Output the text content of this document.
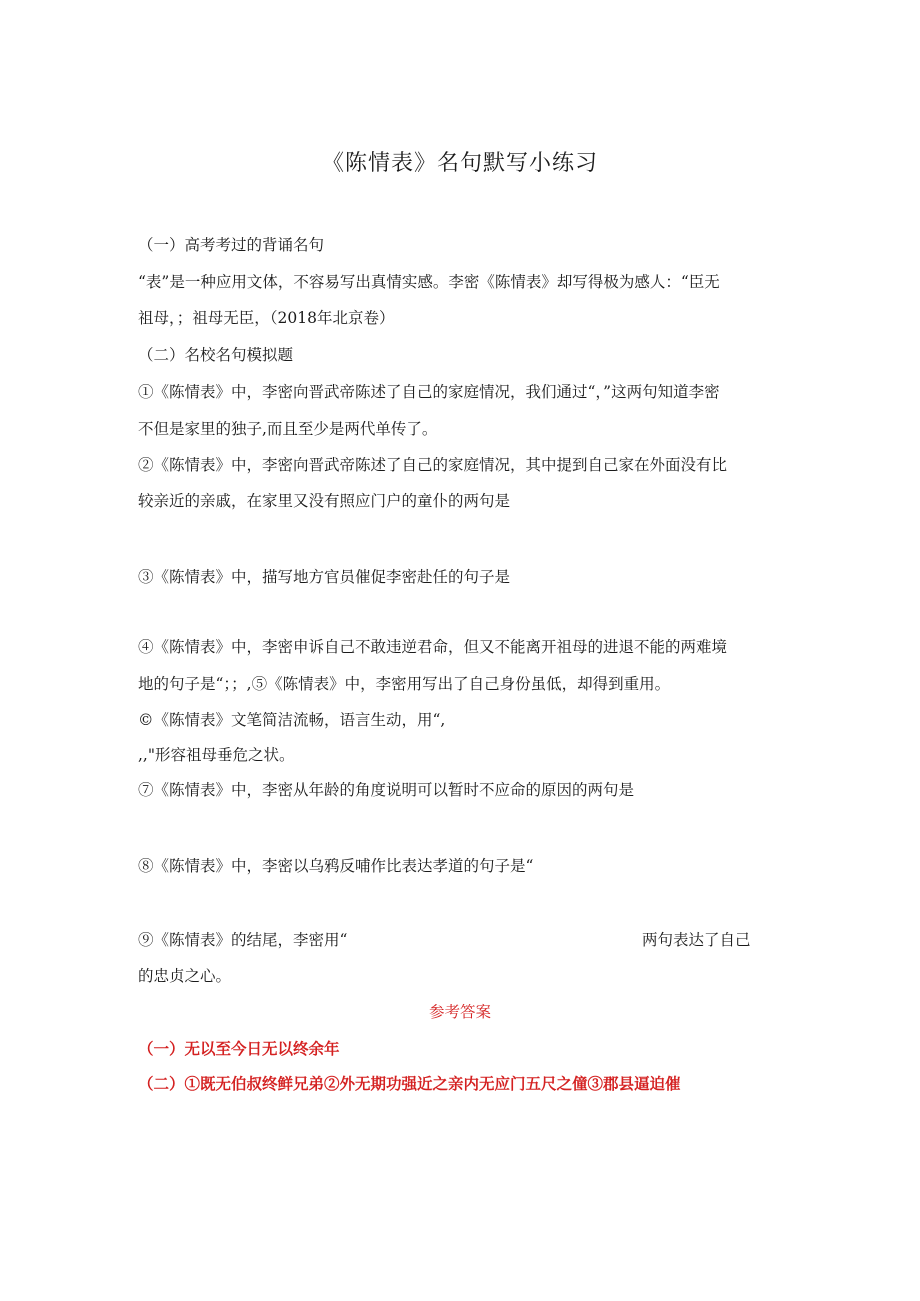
《陈情表》名句默写小练习
（一）高考考过的背诵名句
“表”是一种应用文体，不容易写出真情实感。李密《陈情表》却写得极为感人：“臣无
祖母，；祖母无臣，（2018年北京卷）
（二）名校名句模拟题
①《陈情表》中，李密向晋武帝陈述了自己的家庭情况，我们通过“，”这两句知道李密
不但是家里的独子,而且至少是两代单传了。
②《陈情表》中，李密向晋武帝陈述了自己的家庭情况，其中提到自己家在外面没有比
较亲近的亲戚，在家里又没有照应门户的童仆的两句是
③《陈情表》中，描写地方官员催促李密赴任的句子是
④《陈情表》中，李密申诉自己不敢违逆君命，但又不能离开祖母的进退不能的两难境
地的句子是“；；,⑤《陈情表》中，李密用写出了自己身份虽低，却得到重用。
©《陈情表》文笔简洁流畅，语言生动，用“,
,,"形容祖母垂危之状。
⑦《陈情表》中，李密从年龄的角度说明可以暂时不应命的原因的两句是
⑧《陈情表》中，李密以乌鸦反哺作比表达孝道的句子是“
⑨《陈情表》的结尾，李密用“	两句表达了自己
的忠贞之心。
参考答案
（一）无以至今日无以终余年
（二）①既无伯叔终鲜兄弟②外无期功强近之亲内无应门五尺之僮③郡县逼迫催
